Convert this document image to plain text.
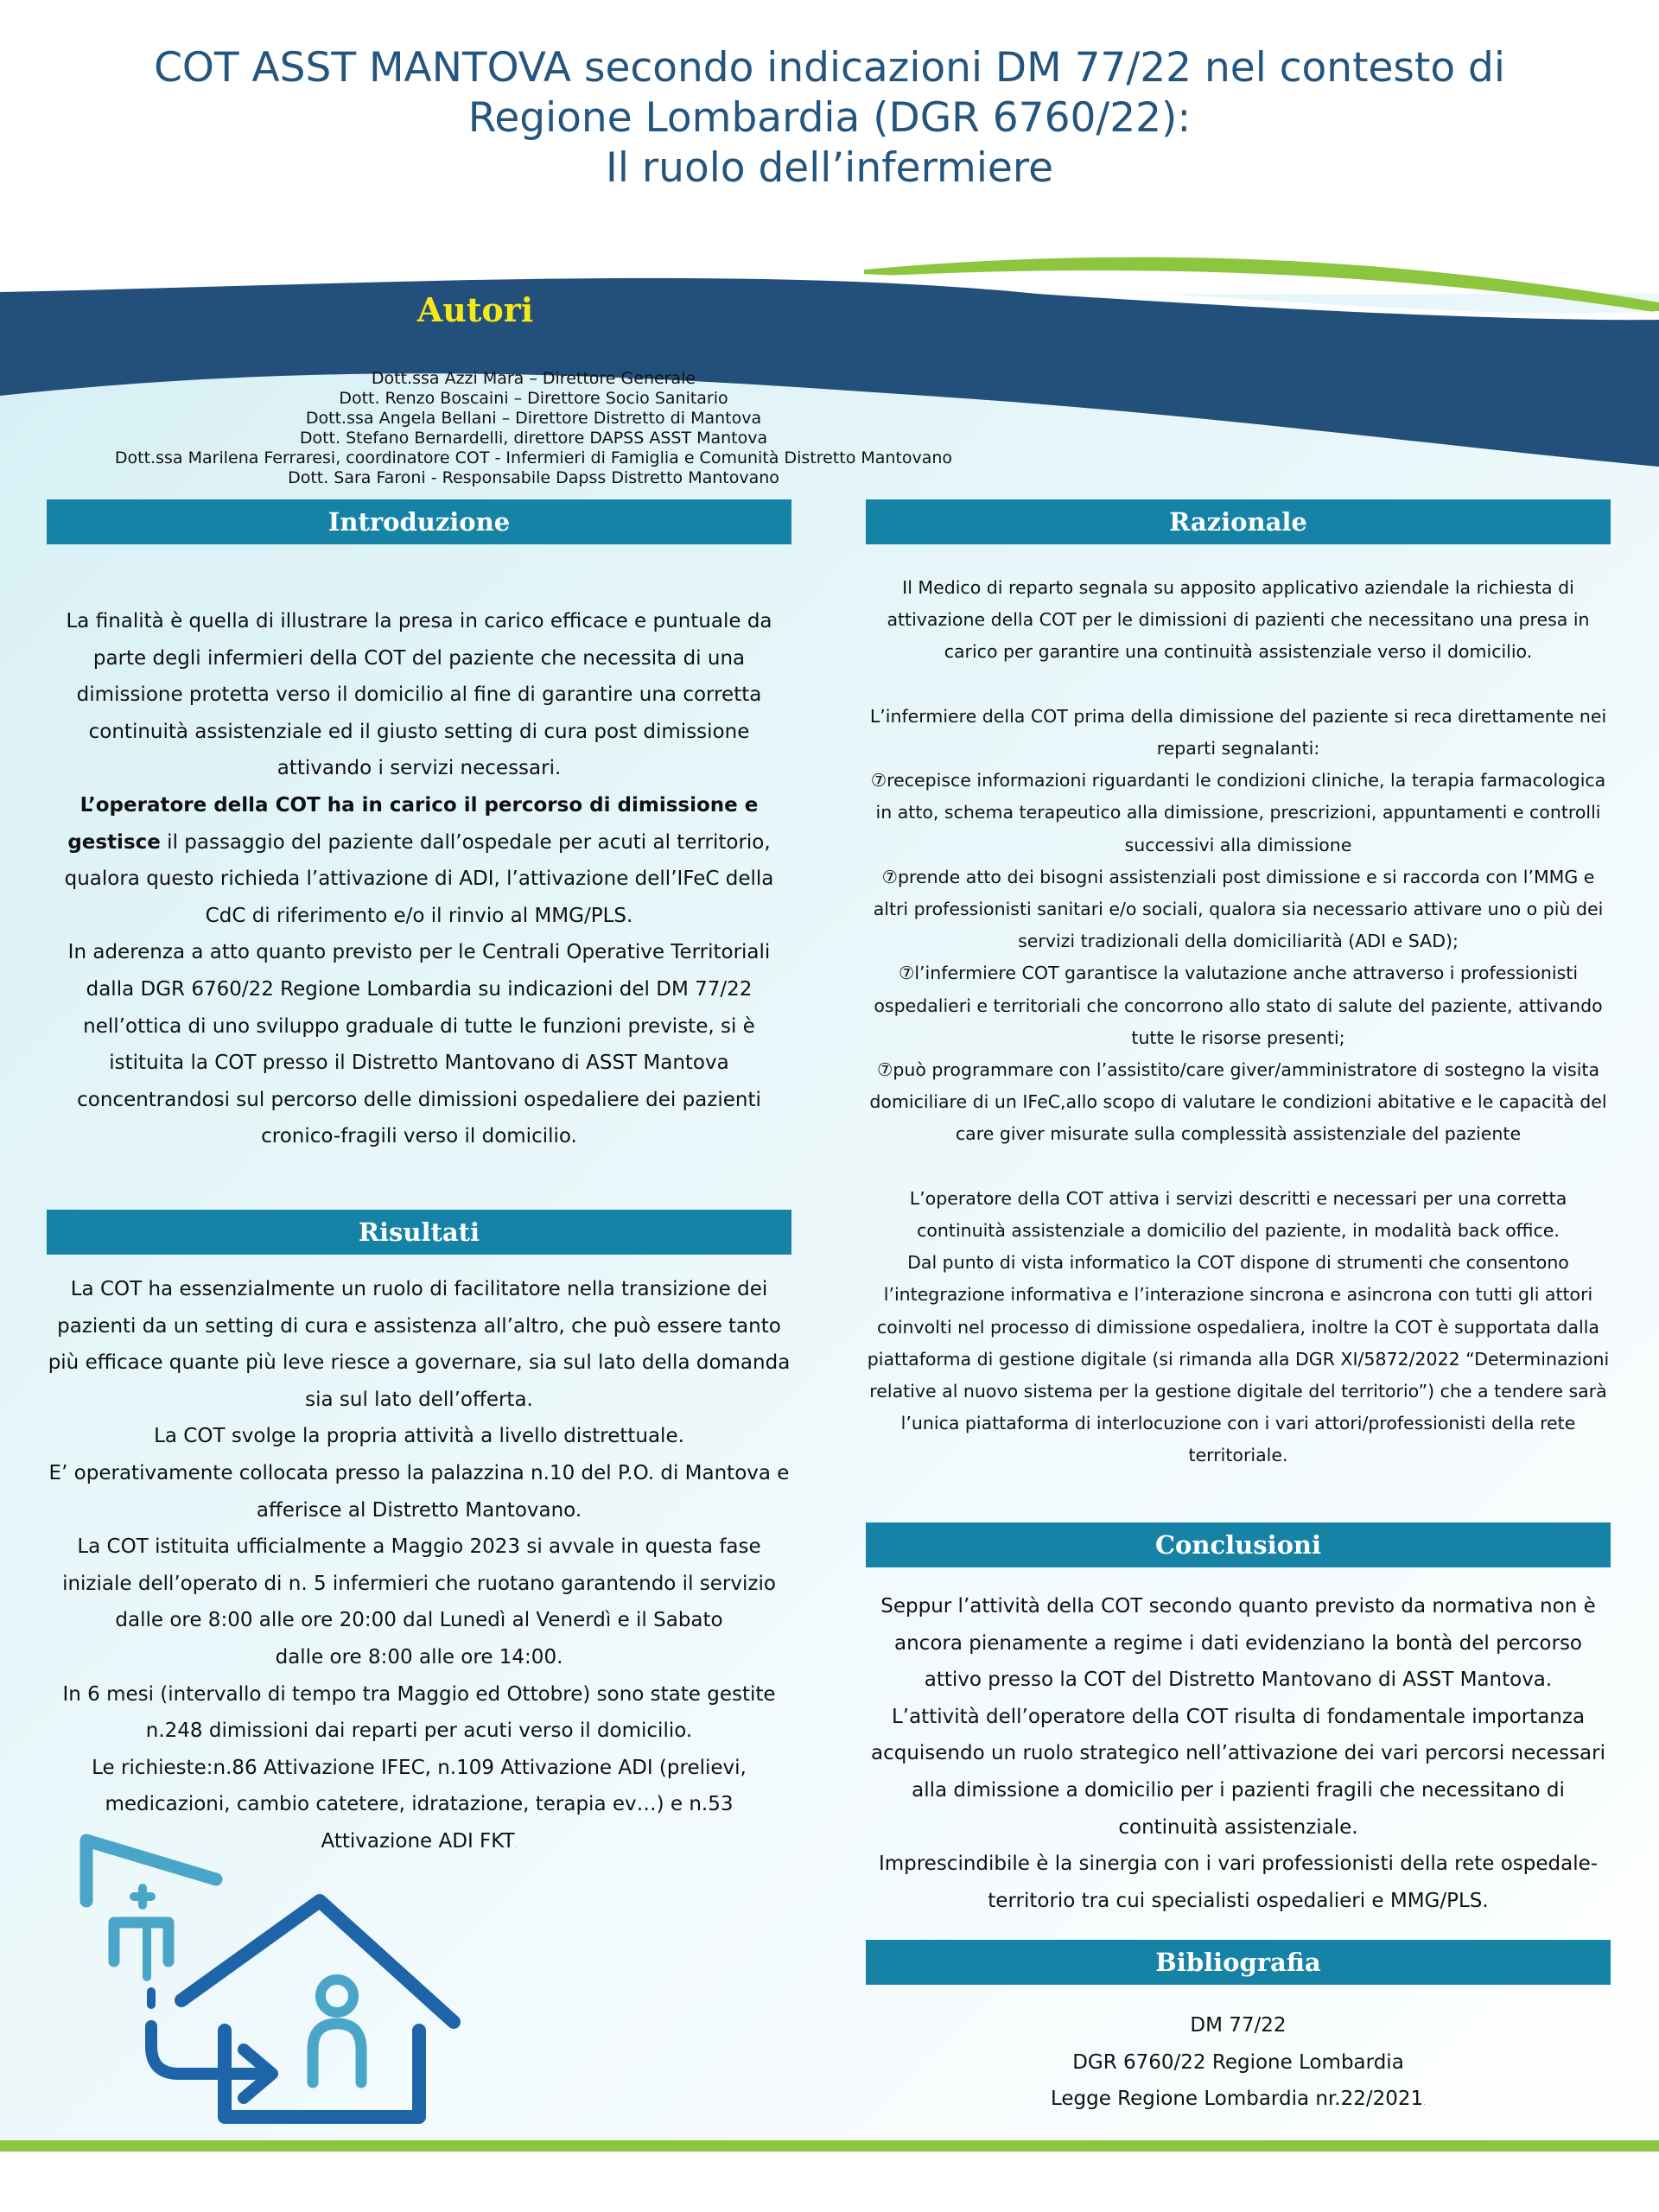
COT ASST MANTOVA secondo indicazioni DM 77/22 nel contesto di
Regione Lombardia (DGR 6760/22):
Il ruolo dell’infermiere
Autori
Dott.ssa Azzi Mara – Direttore Generale
Dott. Renzo Boscaini – Direttore Socio Sanitario
Dott.ssa Angela Bellani – Direttore Distretto di Mantova
Dott. Stefano Bernardelli, direttore DAPSS ASST Mantova
Dott.ssa Marilena Ferraresi, coordinatore COT - Infermieri di Famiglia e Comunità Distretto Mantovano
Dott. Sara Faroni - Responsabile Dapss Distretto Mantovano
Introduzione

La finalità è quella di illustrare la presa in carico efficace e puntuale da parte degli infermieri della COT del paziente che necessita di una dimissione protetta verso il domicilio al fine di garantire una corretta continuità assistenziale ed il giusto setting di cura post dimissione attivando i servizi necessari.

L’operatore della COT ha in carico il percorso di dimissione e gestisce il passaggio del paziente dall’ospedale per acuti al territorio, qualora questo richieda l’attivazione di ADI, l’attivazione dell’IFeC della CdC di riferimento e/o il rinvio al MMG/PLS.

In aderenza a atto quanto previsto per le Centrali Operative Territoriali dalla DGR 6760/22 Regione Lombardia su indicazioni del DM 77/22 nell’ottica di uno sviluppo graduale di tutte le funzioni previste, si è istituita la COT presso il Distretto Mantovano di ASST Mantova concentrandosi sul percorso delle dimissioni ospedaliere dei pazienti cronico-fragili verso il domicilio.

Risultati

La COT ha essenzialmente un ruolo di facilitatore nella transizione dei pazienti da un setting di cura e assistenza all’altro, che può essere tanto più efficace quante più leve riesce a governare, sia sul lato della domanda sia sul lato dell’offerta.

La COT svolge la propria attività a livello distrettuale.

E’ operativamente collocata presso la palazzina n.10 del P.O. di Mantova e afferisce al Distretto Mantovano.

La COT istituita ufficialmente a Maggio 2023 si avvale in questa fase iniziale dell’operato di n. 5 infermieri che ruotano garantendo il servizio dalle ore 8:00 alle ore 20:00 dal Lunedì al Venerdì e il Sabato

dalle ore 8:00 alle ore 14:00.

In 6 mesi (intervallo di tempo tra Maggio ed Ottobre) sono state gestite n.248 dimissioni dai reparti per acuti verso il domicilio.

Le richieste:n.86 Attivazione IFEC, n.109 Attivazione ADI (prelievi, medicazioni, cambio catetere, idratazione, terapia ev…) e n.53 Attivazione ADI FKT.

Razionale

Il Medico di reparto segnala su apposito applicativo aziendale la richiesta di attivazione della COT per le dimissioni di pazienti che necessitano una presa in carico per garantire una continuità assistenziale verso il domicilio.

L’infermiere della COT prima della dimissione del paziente si reca direttamente nei reparti segnalanti:

⑦recepisce informazioni riguardanti le condizioni cliniche, la terapia farmacologica in atto, schema terapeutico alla dimissione, prescrizioni, appuntamenti e controlli successivi alla dimissione

⑦prende atto dei bisogni assistenziali post dimissione e si raccorda con l’MMG e altri professionisti sanitari e/o sociali, qualora sia necessario attivare uno o più dei servizi tradizionali della domiciliarità (ADI e SAD);

⑦l’infermiere COT garantisce la valutazione anche attraverso i professionisti ospedalieri e territoriali che concorrono allo stato di salute del paziente, attivando tutte le risorse presenti;

⑦può programmare con l’assistito/care giver/amministratore di sostegno la visita domiciliare di un IFeC,allo scopo di valutare le condizioni abitative e le capacità del care giver misurate sulla complessità assistenziale del paziente

L’operatore della COT attiva i servizi descritti e necessari per una corretta continuità assistenziale a domicilio del paziente, in modalità back office.

Dal punto di vista informatico la COT dispone di strumenti che consentono l’integrazione informativa e l’interazione sincrona e asincrona con tutti gli attori coinvolti nel processo di dimissione ospedaliera, inoltre la COT è supportata dalla piattaforma di gestione digitale (si rimanda alla DGR XI/5872/2022 “Determinazioni relative al nuovo sistema per la gestione digitale del territorio”) che a tendere sarà l’unica piattaforma di interlocuzione con i vari attori/professionisti della rete territoriale.

Conclusioni

Seppur l’attività della COT secondo quanto previsto da normativa non è ancora pienamente a regime i dati evidenziano la bontà del percorso attivo presso la COT del Distretto Mantovano di ASST Mantova.

L’attività dell’operatore della COT risulta di fondamentale importanza acquisendo un ruolo strategico nell’attivazione dei vari percorsi necessari alla dimissione a domicilio per i pazienti fragili che necessitano di continuità assistenziale.

Imprescindibile è la sinergia con i vari professionisti della rete ospedale-territorio tra cui specialisti ospedalieri e MMG/PLS.

Bibliografia

DM 77/22

DGR 6760/22 Regione Lombardia

Legge Regione Lombardia nr.22/2021.
